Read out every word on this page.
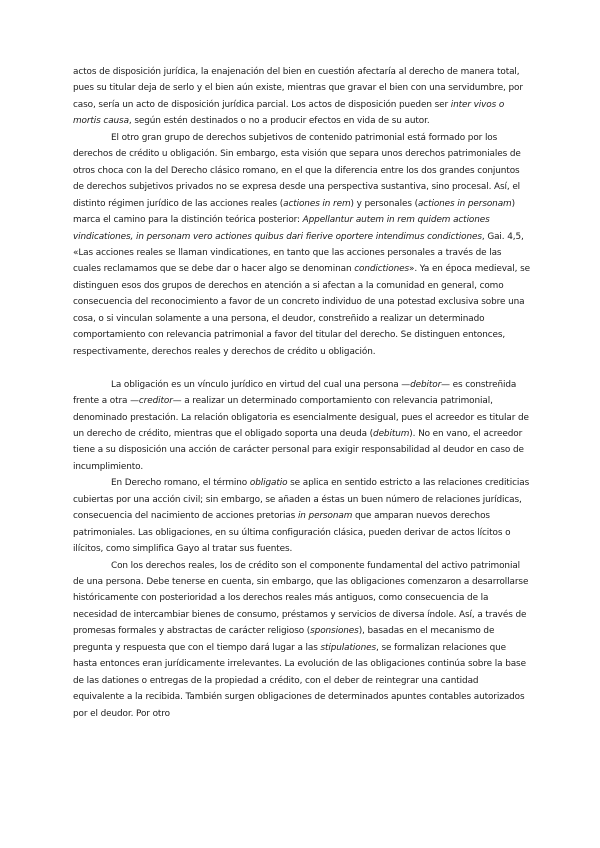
actos de disposición jurídica, la enajenación del bien en cuestión afectaría al derecho de manera total, pues su titular deja de serlo y el bien aún existe, mientras que gravar el bien con una servidumbre, por caso, sería un acto de disposición jurídica parcial. Los actos de disposición pueden ser inter vivos o mortis causa, según estén destinados o no a producir efectos en vida de su autor.

El otro gran grupo de derechos subjetivos de contenido patrimonial está formado por los derechos de crédito u obligación. Sin embargo, esta visión que separa unos derechos patrimoniales de otros choca con la del Derecho clásico romano, en el que la diferencia entre los dos grandes conjuntos de derechos subjetivos privados no se expresa desde una perspectiva sustantiva, sino procesal. Así, el distinto régimen jurídico de las acciones reales (actiones in rem) y personales (actiones in personam) marca el camino para la distinción teórica posterior: Appellantur autem in rem quidem actiones vindicationes, in personam vero actiones quibus dari fierive oportere intendimus condictiones, Gai. 4,5, «Las acciones reales se llaman vindicationes, en tanto que las acciones personales a través de las cuales reclamamos que se debe dar o hacer algo se denominan condictiones». Ya en época medieval, se distinguen esos dos grupos de derechos en atención a si afectan a la comunidad en general, como consecuencia del reconocimiento a favor de un concreto individuo de una potestad exclusiva sobre una cosa, o si vinculan solamente a una persona, el deudor, constreñido a realizar un determinado comportamiento con relevancia patrimonial a favor del titular del derecho. Se distinguen entonces, respectivamente, derechos reales y derechos de crédito u obligación.

La obligación es un vínculo jurídico en virtud del cual una persona —debitor— es constreñida frente a otra —creditor— a realizar un determinado comportamiento con relevancia patrimonial, denominado prestación. La relación obligatoria es esencialmente desigual, pues el acreedor es titular de un derecho de crédito, mientras que el obligado soporta una deuda (debitum). No en vano, el acreedor tiene a su disposición una acción de carácter personal para exigir responsabilidad al deudor en caso de incumplimiento.

En Derecho romano, el término obligatio se aplica en sentido estricto a las relaciones crediticias cubiertas por una acción civil; sin embargo, se añaden a éstas un buen número de relaciones jurídicas, consecuencia del nacimiento de acciones pretorias in personam que amparan nuevos derechos patrimoniales. Las obligaciones, en su última configuración clásica, pueden derivar de actos lícitos o ilícitos, como simplifica Gayo al tratar sus fuentes.

Con los derechos reales, los de crédito son el componente fundamental del activo patrimonial de una persona. Debe tenerse en cuenta, sin embargo, que las obligaciones comenzaron a desarrollarse históricamente con posterioridad a los derechos reales más antiguos, como consecuencia de la necesidad de intercambiar bienes de consumo, préstamos y servicios de diversa índole. Así, a través de promesas formales y abstractas de carácter religioso (sponsiones), basadas en el mecanismo de pregunta y respuesta que con el tiempo dará lugar a las stipulationes, se formalizan relaciones que hasta entonces eran jurídicamente irrelevantes. La evolución de las obligaciones continúa sobre la base de las dationes o entregas de la propiedad a crédito, con el deber de reintegrar una cantidad equivalente a la recibida. También surgen obligaciones de determinados apuntes contables autorizados por el deudor. Por otro
